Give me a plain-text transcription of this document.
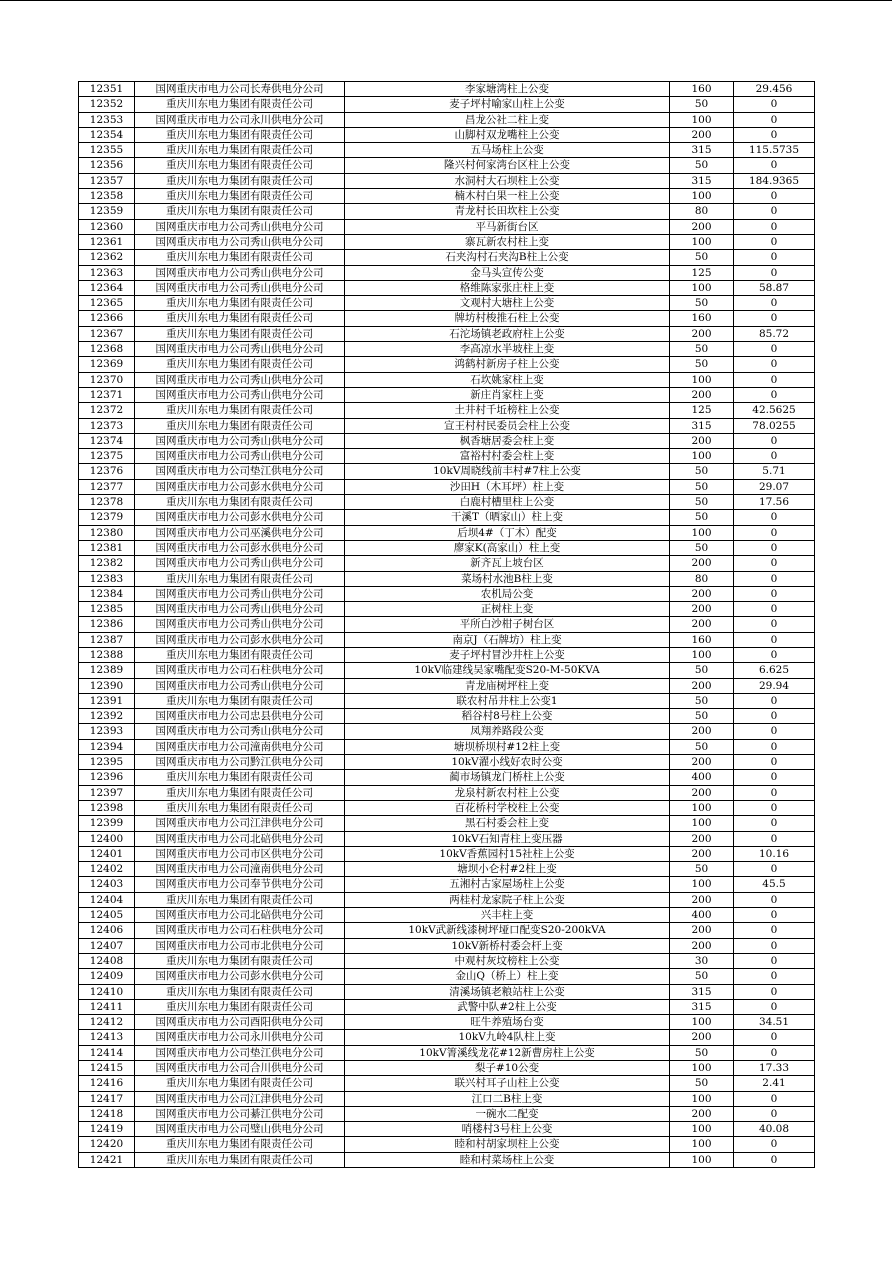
12351	国网重庆市电力公司长寿供电分公司	李家塘湾柱上公变	160	29.456
12352	重庆川东电力集团有限责任公司	麦子坪村喻家山柱上公变	50	0
12353	国网重庆市电力公司永川供电分公司	昌龙公社二柱上变	100	0
12354	重庆川东电力集团有限责任公司	山脚村双龙嘴柱上公变	200	0
12355	重庆川东电力集团有限责任公司	五马场柱上公变	315	115.5735
12356	重庆川东电力集团有限责任公司	隆兴村何家湾台区柱上公变	50	0
12357	重庆川东电力集团有限责任公司	水洞村大石坝柱上公变	315	184.9365
12358	重庆川东电力集团有限责任公司	楠木村白果一柱上公变	100	0
12359	重庆川东电力集团有限责任公司	青龙村长田坎柱上公变	80	0
12360	国网重庆市电力公司秀山供电分公司	平马新街台区	200	0
12361	国网重庆市电力公司秀山供电分公司	寨瓦新农村柱上变	100	0
12362	重庆川东电力集团有限责任公司	石夹沟村石夹沟B柱上公变	50	0
12363	国网重庆市电力公司秀山供电分公司	金马头宣传公变	125	0
12364	国网重庆市电力公司秀山供电分公司	格维陈家张庄柱上变	100	58.87
12365	重庆川东电力集团有限责任公司	文观村大塘柱上公变	50	0
12366	重庆川东电力集团有限责任公司	牌坊村梭推石柱上公变	160	0
12367	重庆川东电力集团有限责任公司	石沱场镇老政府柱上公变	200	85.72
12368	国网重庆市电力公司秀山供电分公司	李高凉水半坡柱上变	50	0
12369	重庆川东电力集团有限责任公司	鸿鹤村新房子柱上公变	50	0
12370	国网重庆市电力公司秀山供电分公司	石坎姚家柱上变	100	0
12371	国网重庆市电力公司秀山供电分公司	新庄肖家柱上变	200	0
12372	重庆川东电力集团有限责任公司	土井村千坵榜柱上公变	125	42.5625
12373	重庆川东电力集团有限责任公司	宣王村村民委员会柱上公变	315	78.0255
12374	国网重庆市电力公司秀山供电分公司	枫香塘居委会柱上变	200	0
12375	国网重庆市电力公司秀山供电分公司	富裕村村委会柱上变	100	0
12376	国网重庆市电力公司垫江供电分公司	10kV周晓线前丰村#7柱上公变	50	5.71
12377	国网重庆市电力公司彭水供电分公司	沙田H（木耳坪）柱上变	50	29.07
12378	重庆川东电力集团有限责任公司	白鹿村槽里柱上公变	50	17.56
12379	国网重庆市电力公司彭水供电分公司	干溪T（晒家山）柱上变	50	0
12380	国网重庆市电力公司巫溪供电分公司	后坝4#（丁木）配变	100	0
12381	国网重庆市电力公司彭水供电分公司	廖家K(高家山）柱上变	50	0
12382	国网重庆市电力公司秀山供电分公司	新齐瓦上坡台区	200	0
12383	重庆川东电力集团有限责任公司	菜场村水池B柱上变	80	0
12384	国网重庆市电力公司秀山供电分公司	农机局公变	200	0
12385	国网重庆市电力公司秀山供电分公司	正树柱上变	200	0
12386	国网重庆市电力公司秀山供电分公司	平所白沙柑子树台区	200	0
12387	国网重庆市电力公司彭水供电分公司	南京J（石牌坊）柱上变	160	0
12388	重庆川东电力集团有限责任公司	麦子坪村冒沙井柱上公变	100	0
12389	国网重庆市电力公司石柱供电分公司	10kV临建线吴家嘴配变S20-M-50KVA	50	6.625
12390	国网重庆市电力公司秀山供电分公司	青龙庙树坪柱上变	200	29.94
12391	重庆川东电力集团有限责任公司	联农村吊井柱上公变1	50	0
12392	国网重庆市电力公司忠县供电分公司	稻谷村8号柱上公变	50	0
12393	国网重庆市电力公司秀山供电分公司	凤翔养路段公变	200	0
12394	国网重庆市电力公司潼南供电分公司	塘坝桥坝村#12柱上变	50	0
12395	国网重庆市电力公司黔江供电分公司	10kV濯小线好农时公变	200	0
12396	重庆川东电力集团有限责任公司	蔺市场镇龙门桥柱上公变	400	0
12397	重庆川东电力集团有限责任公司	龙泉村新农村柱上公变	200	0
12398	重庆川东电力集团有限责任公司	百花桥村学校柱上公变	100	0
12399	国网重庆市电力公司江津供电分公司	黑石村委会柱上变	100	0
12400	国网重庆市电力公司北碚供电分公司	10kV石知青柱上变压器	200	0
12401	国网重庆市电力公司市区供电分公司	10kV香蕉园村15社柱上公变	200	10.16
12402	国网重庆市电力公司潼南供电分公司	塘坝小仑村#2柱上变	50	0
12403	国网重庆市电力公司奉节供电分公司	五湘村古家屋场柱上公变	100	45.5
12404	重庆川东电力集团有限责任公司	两桂村龙家院子柱上公变	200	0
12405	国网重庆市电力公司北碚供电分公司	兴丰柱上变	400	0
12406	国网重庆市电力公司石柱供电分公司	10kV武新线漆树坪垭口配变S20-200kVA	200	0
12407	国网重庆市电力公司市北供电分公司	10kV新桥村委会杆上变	200	0
12408	重庆川东电力集团有限责任公司	中观村灰坟榜柱上公变	30	0
12409	国网重庆市电力公司彭水供电分公司	金山Q（桥上）柱上变	50	0
12410	重庆川东电力集团有限责任公司	清溪场镇老粮站柱上公变	315	0
12411	重庆川东电力集团有限责任公司	武警中队#2柱上公变	315	0
12412	国网重庆市电力公司酉阳供电分公司	旺牛养殖场台变	100	34.51
12413	国网重庆市电力公司永川供电分公司	10kV九岭4队柱上变	200	0
12414	国网重庆市电力公司垫江供电分公司	10kV箐溪线龙花#12新曹房柱上公变	50	0
12415	国网重庆市电力公司合川供电分公司	梨子#10公变	100	17.33
12416	重庆川东电力集团有限责任公司	联兴村耳子山柱上公变	50	2.41
12417	国网重庆市电力公司江津供电分公司	江口二B柱上变	100	0
12418	国网重庆市电力公司綦江供电分公司	一碗水二配变	200	0
12419	国网重庆市电力公司璧山供电分公司	哨楼村3号柱上公变	100	40.08
12420	重庆川东电力集团有限责任公司	睦和村胡家坝柱上公变	100	0
12421	重庆川东电力集团有限责任公司	睦和村菜场柱上公变	100	0
